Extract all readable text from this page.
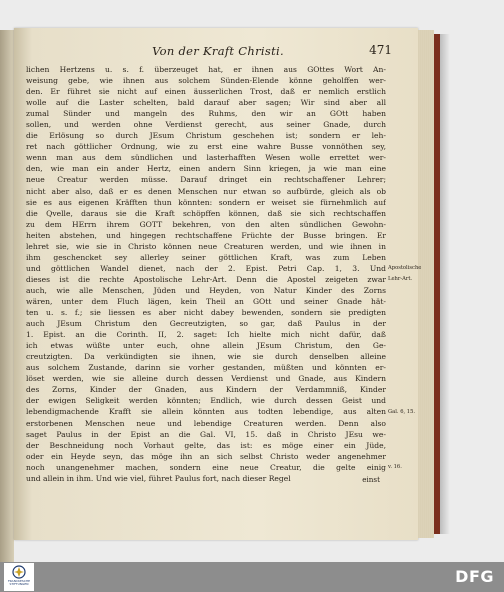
Von der Kraft Christi.	471
lichen Hertzens u. s. f. überzeuget hat, er ihnen aus GOttes Wort An-
weisung gebe, wie ihnen aus solchem Sünden-Elende könne geholffen wer-
den. Er führet sie nicht auf einen äusserlichen Trost, daß er nemlich erstlich
wolle auf die Laster schelten, bald darauf aber sagen; Wir sind aber all
zumal Sünder und mangeln des Ruhms, den wir an GOtt haben
sollen, und werden ohne Verdienst gerecht, aus seiner Gnade, durch
die Erlösung so durch JEsum Christum geschehen ist; sondern er leh-
ret nach göttlicher Ordnung, wie zu erst eine wahre Busse vonnöthen sey,
wenn man aus dem sündlichen und lasterhafften Wesen wolle errettet wer-
den, wie man ein ander Hertz, einen andern Sinn kriegen, ja wie man eine
neue Creatur werden müsse. Darauf dringet ein rechtschaffener Lehrer;
nicht aber also, daß er es denen Menschen nur etwan so aufbürde, gleich als ob
sie es aus eigenen Kräfften thun könnten: sondern er weiset sie fürnehmlich auf
die Qvelle, daraus sie die Kraft schöpffen können, daß sie sich rechtschaffen
zu dem HErrn ihrem GOTT bekehren, von den alten sündlichen Gewohn-
heiten abstehen, und hingegen rechtschaffene Früchte der Busse bringen. Er
lehret sie, wie sie in Christo können neue Creaturen werden, und wie ihnen in
ihm geschencket sey allerley seiner göttlichen Kraft, was zum Leben
und göttlichen Wandel dienet, nach der 2. Epist. Petri Cap. 1, 3. Und
dieses ist die rechte Apostolische Lehr-Art. Denn die Apostel zeigeten zwar
auch, wie alle Menschen, Jüden und Heyden, von Natur Kinder des Zorns
wären, unter dem Fluch lägen, kein Theil an GOtt und seiner Gnade hät-
ten u. s. f.; sie liessen es aber nicht dabey bewenden, sondern sie predigten
auch JEsum Christum den Gecreutzigten, so gar, daß Paulus in der
1. Epist. an die Corinth. II, 2. saget: Ich hielte mich nicht dafür, daß
ich etwas wüßte unter euch, ohne allein JEsum Christum, den Ge-
creutzigten. Da verkündigten sie ihnen, wie sie durch denselben alleine
aus solchem Zustande, darinn sie vorher gestanden, müßten und könnten er-
löset werden, wie sie alleine durch dessen Verdienst und Gnade, aus Kindern
des Zorns, Kinder der Gnaden, aus Kindern der Verdammniß, Kinder
der ewigen Seligkeit werden könnten; Endlich, wie durch dessen Geist und
lebendigmachende Krafft sie allein könnten aus todten lebendige, aus alten
erstorbenen Menschen neue und lebendige Creaturen werden. Denn also
saget Paulus in der Epist an die Gal. VI, 15. daß in Christo JEsu we-
der Beschneidung noch Vorhaut gelte, das ist: es möge einer ein Jüde,
oder ein Heyde seyn, das möge ihn an sich selbst Christo weder angenehmer
noch unangenehmer machen, sondern eine neue Creatur, die gelte einig
und allein in ihm. Und wie viel, führet Paulus fort, nach dieser Regel
Apostolische
Lehr-Art.
Gal. 6, 15.
v. 16.
einst
FRANCKESCHE STIFTUNGEN	DFG
